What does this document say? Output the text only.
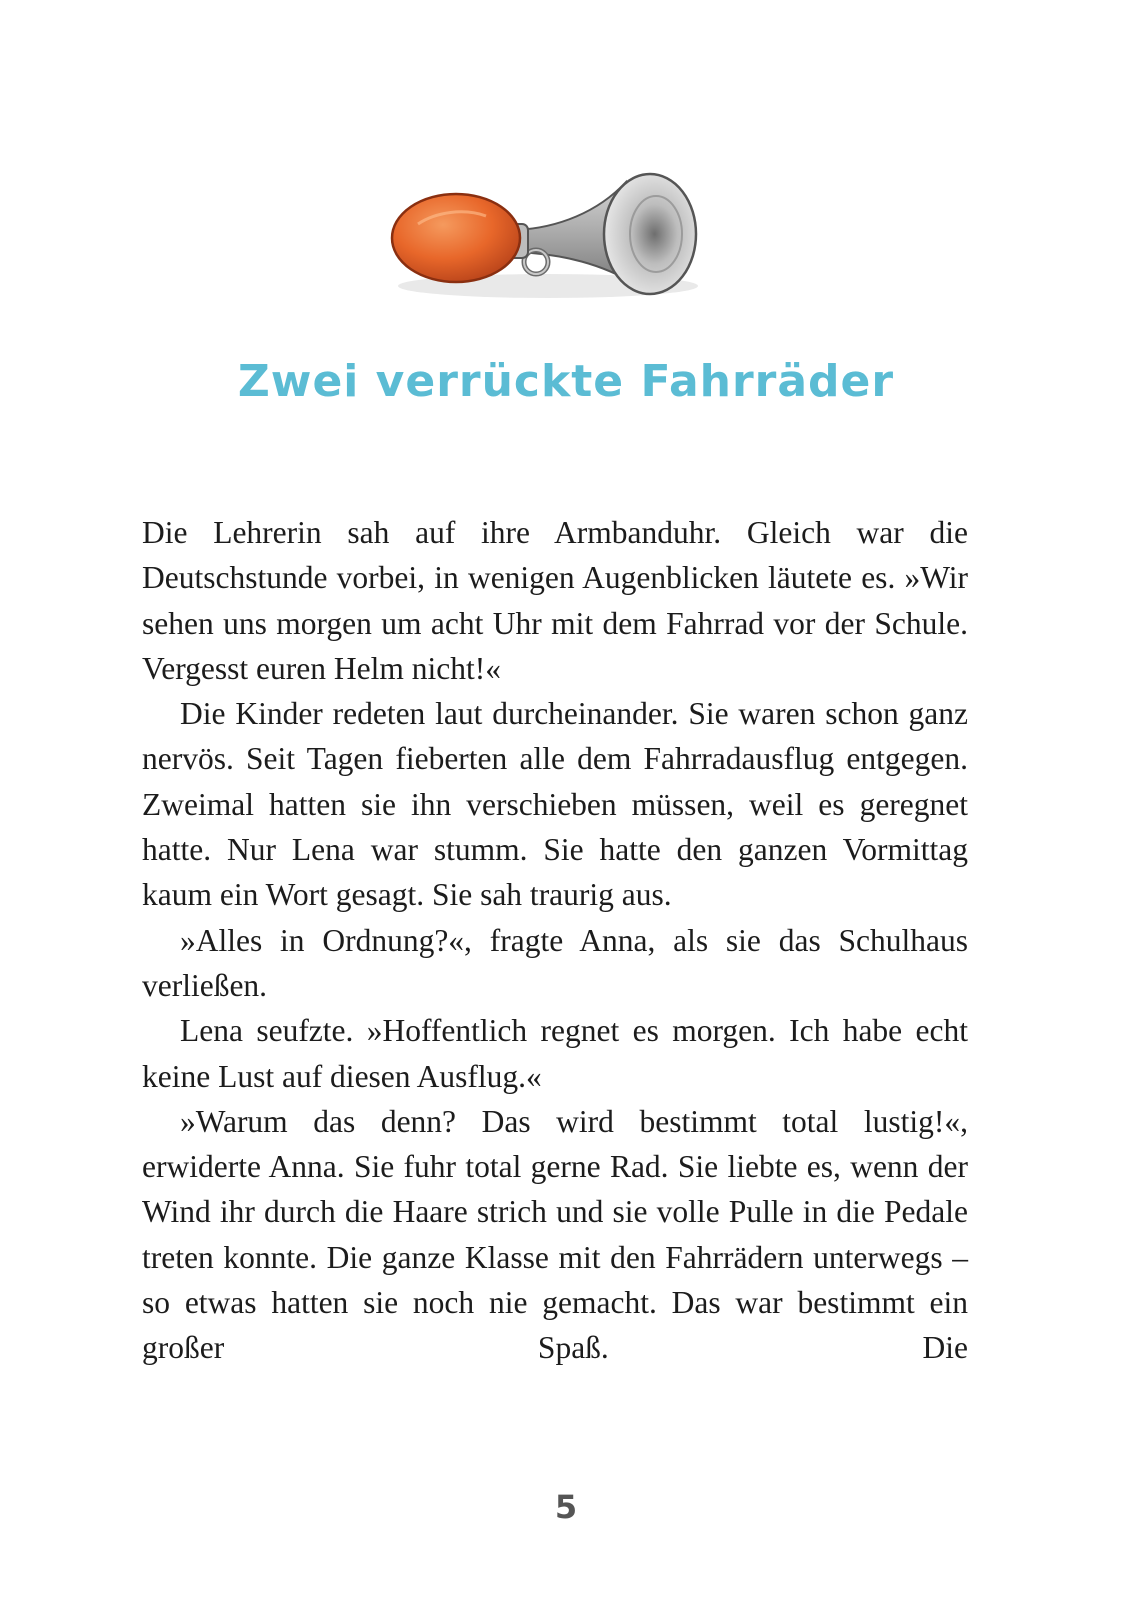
Zwei verrückte Fahrräder

Die Lehrerin sah auf ihre Armbanduhr. Gleich war die Deutschstunde vorbei, in wenigen Augenblicken läutete es. »Wir sehen uns morgen um acht Uhr mit dem Fahrrad vor der Schule. Vergesst euren Helm nicht!«

Die Kinder redeten laut durcheinander. Sie waren schon ganz nervös. Seit Tagen fieberten alle dem Fahrradausflug entgegen. Zweimal hatten sie ihn verschieben müssen, weil es geregnet hatte. Nur Lena war stumm. Sie hatte den ganzen Vormittag kaum ein Wort gesagt. Sie sah traurig aus.

»Alles in Ordnung?«, fragte Anna, als sie das Schulhaus verließen.

Lena seufzte. »Hoffentlich regnet es morgen. Ich habe echt keine Lust auf diesen Ausflug.«

»Warum das denn? Das wird bestimmt total lustig!«, erwiderte Anna. Sie fuhr total gerne Rad. Sie liebte es, wenn der Wind ihr durch die Haare strich und sie volle Pulle in die Pedale treten konnte. Die ganze Klasse mit den Fahrrädern unterwegs – so etwas hatten sie noch nie gemacht. Das war bestimmt ein großer Spaß. Die

5
